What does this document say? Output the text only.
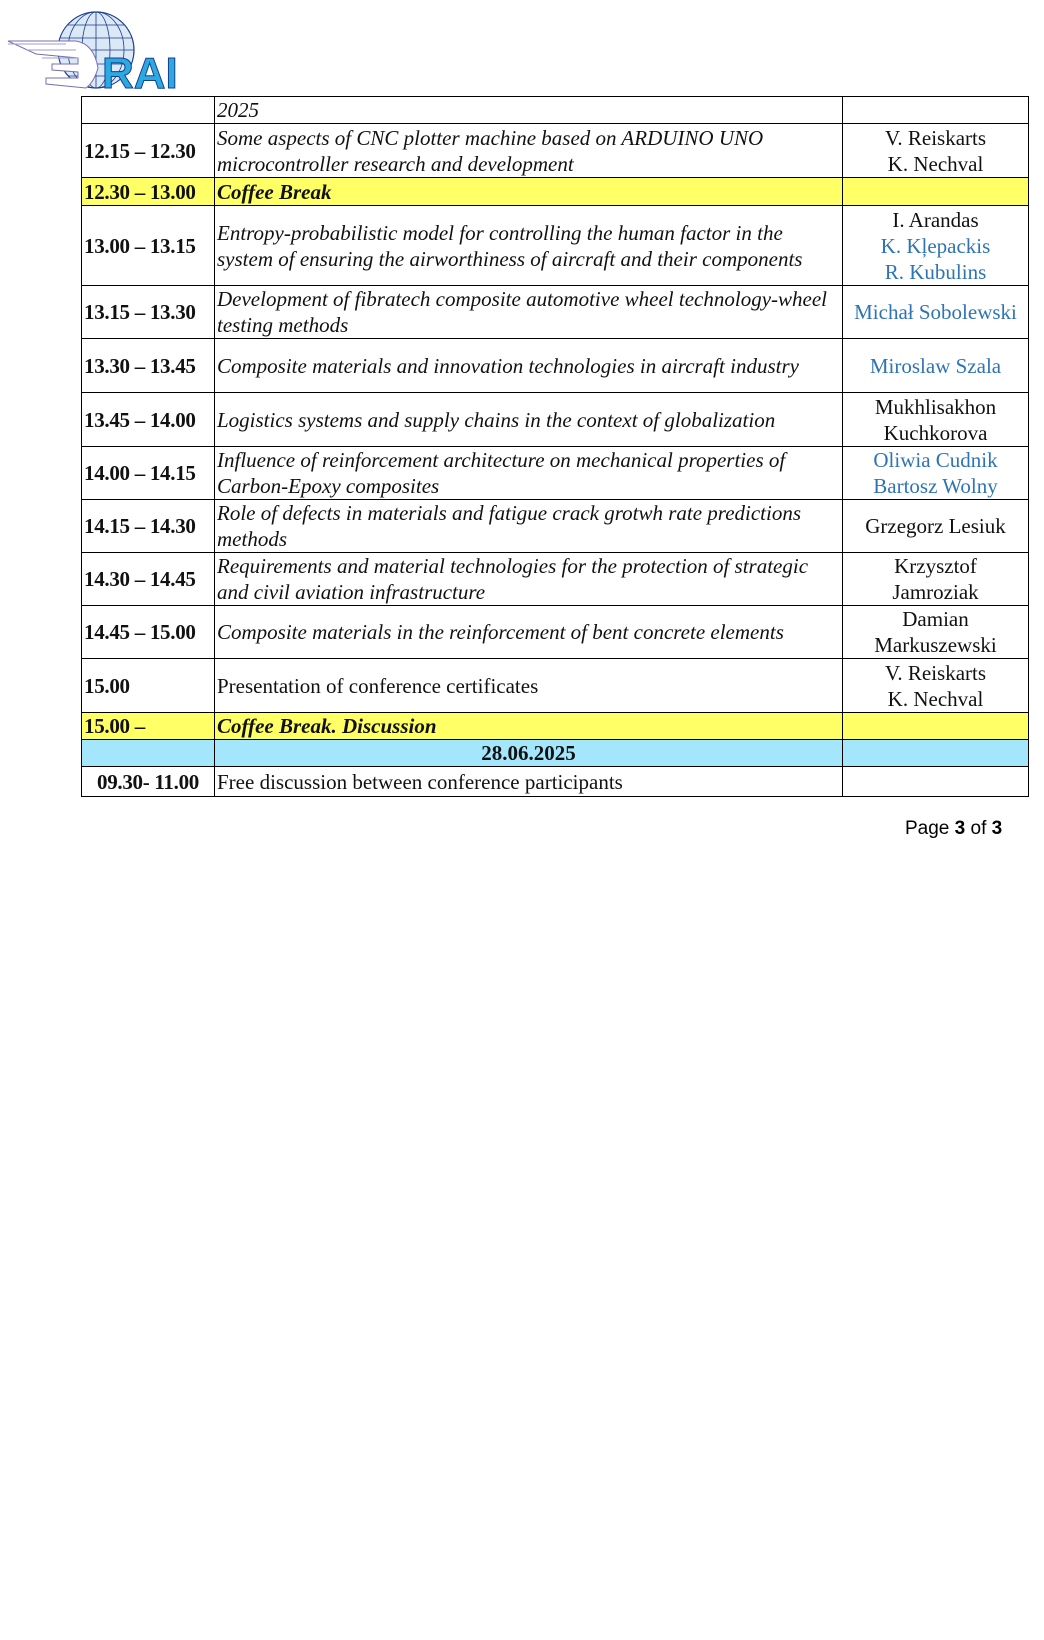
RAI
	2025	
12.15 – 12.30	Some aspects of CNC plotter machine based on ARDUINO UNO microcontroller research and development	V. Reiskarts
K. Nechval

12.30 – 13.00	Coffee Break	
13.00 – 13.15	Entropy-probabilistic model for controlling the human factor in the system of ensuring the airworthiness of aircraft and their components	I. Arandas
K. Kļepackis
R. Kubulins

13.15 – 13.30	Development of fibratech composite automotive wheel technology-wheel testing methods	Michał Sobolewski
13.30 – 13.45	Composite materials and innovation technologies in aircraft industry	Miroslaw Szala

13.45 – 14.00	Logistics systems and supply chains in the context of globalization	Mukhlisakhon
Kuchkorova

14.00 – 14.15	Influence of reinforcement architecture on mechanical properties of Carbon-Epoxy composites	Oliwia Cudnik
Bartosz Wolny

14.15 – 14.30	Role of defects in materials and fatigue crack grotwh rate predictions methods	Grzegorz Lesiuk
14.30 – 14.45	Requirements and material technologies for the protection of strategic and civil aviation infrastructure	Krzysztof
Jamroziak

14.45 – 15.00	Composite materials in the reinforcement of bent concrete elements	Damian
Markuszewski

15.00	Presentation of conference certificates	V. Reiskarts
K. Nechval

15.00 –	Coffee Break. Discussion	
	28.06.2025	
09.30- 11.00	Free discussion between conference participants	
Page 3 of 3
